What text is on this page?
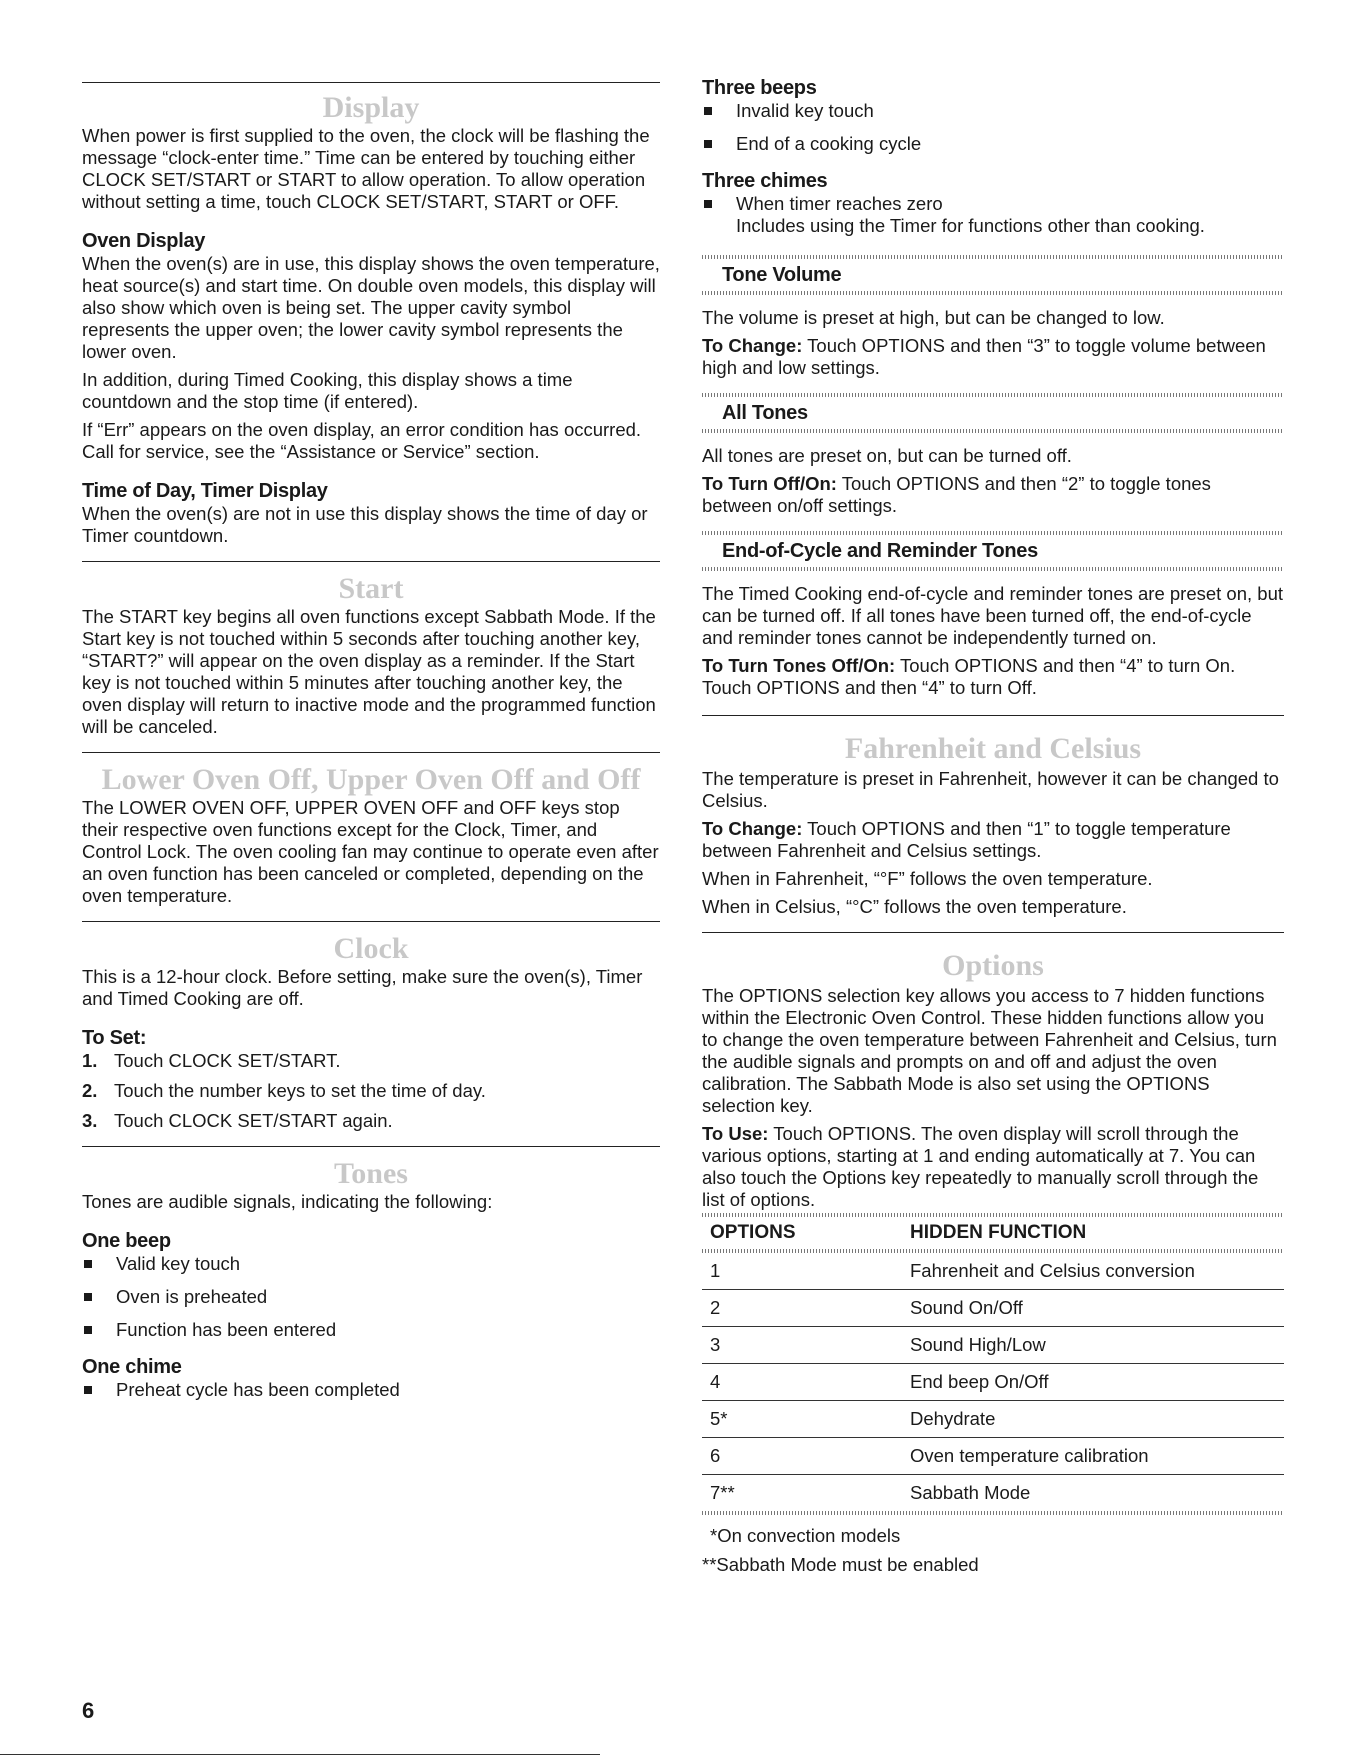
Display

When power is first supplied to the oven, the clock will be flashing the message “clock-enter time.” Time can be entered by touching either CLOCK SET/START or START to allow operation. To allow operation without setting a time, touch CLOCK SET/START, START or OFF.

Oven Display

When the oven(s) are in use, this display shows the oven temperature, heat source(s) and start time. On double oven models, this display will also show which oven is being set. The upper cavity symbol represents the upper oven; the lower cavity symbol represents the lower oven.

In addition, during Timed Cooking, this display shows a time countdown and the stop time (if entered).

If “Err” appears on the oven display, an error condition has occurred. Call for service, see the “Assistance or Service” section.

Time of Day, Timer Display

When the oven(s) are not in use this display shows the time of day or Timer countdown.

Start

The START key begins all oven functions except Sabbath Mode. If the Start key is not touched within 5 seconds after touching another key, “START?” will appear on the oven display as a reminder. If the Start key is not touched within 5 minutes after touching another key, the oven display will return to inactive mode and the programmed function will be canceled.

Lower Oven Off, Upper Oven Off and Off

The LOWER OVEN OFF, UPPER OVEN OFF and OFF keys stop their respective oven functions except for the Clock, Timer, and Control Lock. The oven cooling fan may continue to operate even after an oven function has been canceled or completed, depending on the oven temperature.

Clock

This is a 12-hour clock. Before setting, make sure the oven(s), Timer and Timed Cooking are off.

To Set:
1. Touch CLOCK SET/START.
2. Touch the number keys to set the time of day.
3. Touch CLOCK SET/START again.
Tones

Tones are audible signals, indicating the following:

One beep
Valid key touch
Oven is preheated
Function has been entered
One chime
Preheat cycle has been completed
Three beeps
Invalid key touch
End of a cooking cycle
Three chimes
When timer reaches zero

Includes using the Timer for functions other than cooking.

Tone Volume

The volume is preset at high, but can be changed to low.

To Change: Touch OPTIONS and then “3” to toggle volume between high and low settings.

All Tones

All tones are preset on, but can be turned off.

To Turn Off/On: Touch OPTIONS and then “2” to toggle tones between on/off settings.

End-of-Cycle and Reminder Tones

The Timed Cooking end-of-cycle and reminder tones are preset on, but can be turned off. If all tones have been turned off, the end-of-cycle and reminder tones cannot be independently turned on.

To Turn Tones Off/On: Touch OPTIONS and then “4” to turn On. Touch OPTIONS and then “4” to turn Off.

Fahrenheit and Celsius

The temperature is preset in Fahrenheit, however it can be changed to Celsius.

To Change: Touch OPTIONS and then “1” to toggle temperature between Fahrenheit and Celsius settings.

When in Fahrenheit, “°F” follows the oven temperature.

When in Celsius, “°C” follows the oven temperature.

Options

The OPTIONS selection key allows you access to 7 hidden functions within the Electronic Oven Control. These hidden functions allow you to change the oven temperature between Fahrenheit and Celsius, turn the audible signals and prompts on and off and adjust the oven calibration. The Sabbath Mode is also set using the OPTIONS selection key.

To Use: Touch OPTIONS. The oven display will scroll through the various options, starting at 1 and ending automatically at 7. You can also touch the Options key repeatedly to manually scroll through the list of options.

OPTIONS	HIDDEN FUNCTION

1	Fahrenheit and Celsius conversion
2	Sound On/Off
3	Sound High/Low
4	End beep On/Off
5*	Dehydrate
6	Oven temperature calibration
7**	Sabbath Mode

*On convection models

**Sabbath Mode must be enabled

6
